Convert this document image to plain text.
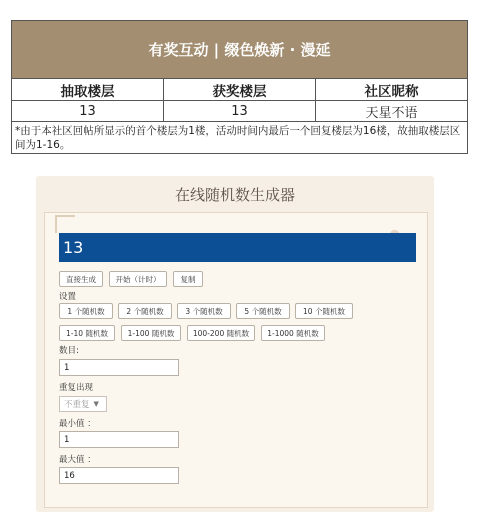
有奖互动 | 缀色焕新 · 漫延
抽取楼层	获奖楼层	社区昵称
13	13	天星不语
*由于本社区回帖所显示的首个楼层为1楼，活动时间内最后一个回复楼层为16楼，故抽取楼层区间为1-16。
在线随机数生成器
13
直接生成	开始（计时）	复制
设置
1 个随机数	2 个随机数	3 个随机数	5 个随机数	10 个随机数
1-10 随机数	1-100 随机数	100-200 随机数	1-1000 随机数
数目:
1
重复出现
不重复 ▼
最小值 ：
1
最大值 ：
16
